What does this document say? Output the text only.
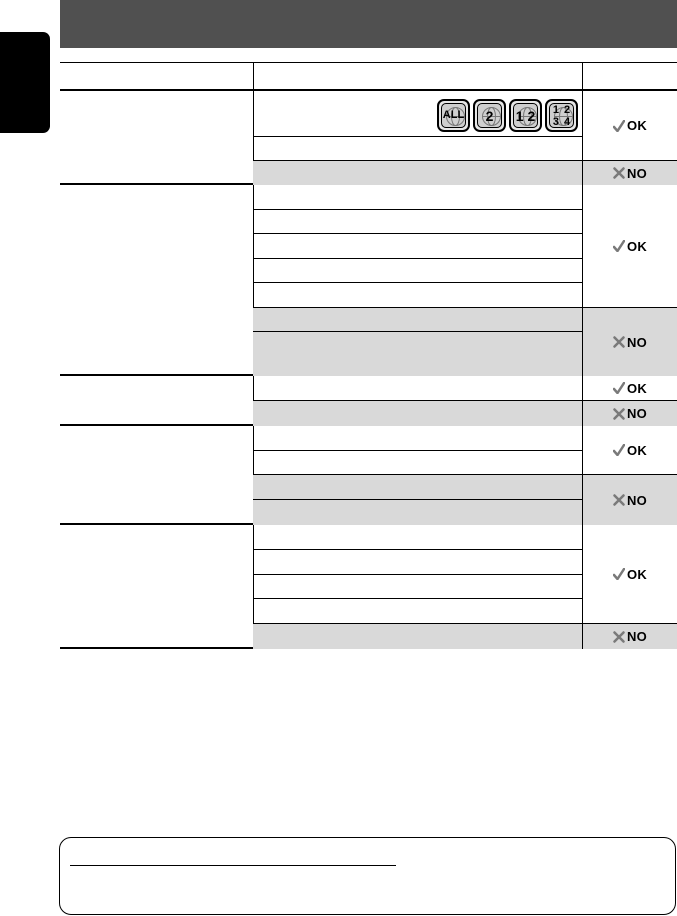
ALL 2 1 2 1 2
3 4	OK
NO
OK
NO
OK
NO
OK
NO
OK
NO
